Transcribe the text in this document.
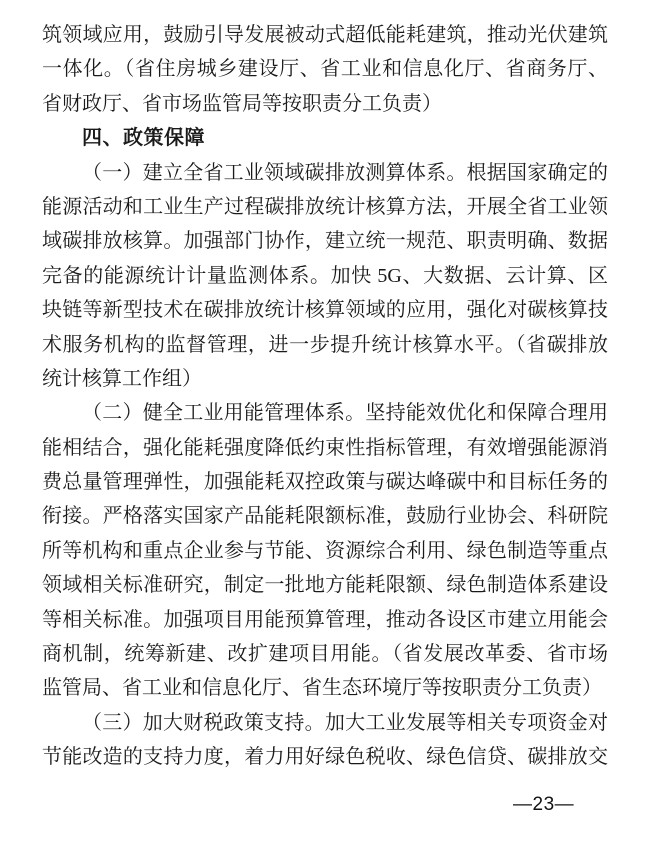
筑领域应用，鼓励引导发展被动式超低能耗建筑，推动光伏建筑
一体化。（省住房城乡建设厅、省工业和信息化厅、省商务厅、
省财政厅、省市场监管局等按职责分工负责）
四、政策保障
（一）建立全省工业领域碳排放测算体系。根据国家确定的
能源活动和工业生产过程碳排放统计核算方法，开展全省工业领
域碳排放核算。加强部门协作，建立统一规范、职责明确、数据
完备的能源统计计量监测体系。加快 5G、大数据、云计算、区
块链等新型技术在碳排放统计核算领域的应用，强化对碳核算技
术服务机构的监督管理，进一步提升统计核算水平。（省碳排放
统计核算工作组）
（二）健全工业用能管理体系。坚持能效优化和保障合理用
能相结合，强化能耗强度降低约束性指标管理，有效增强能源消
费总量管理弹性，加强能耗双控政策与碳达峰碳中和目标任务的
衔接。严格落实国家产品能耗限额标准，鼓励行业协会、科研院
所等机构和重点企业参与节能、资源综合利用、绿色制造等重点
领域相关标准研究，制定一批地方能耗限额、绿色制造体系建设
等相关标准。加强项目用能预算管理，推动各设区市建立用能会
商机制，统筹新建、改扩建项目用能。（省发展改革委、省市场
监管局、省工业和信息化厅、省生态环境厅等按职责分工负责）
（三）加大财税政策支持。加大工业发展等相关专项资金对
节能改造的支持力度，着力用好绿色税收、绿色信贷、碳排放交
—23—
